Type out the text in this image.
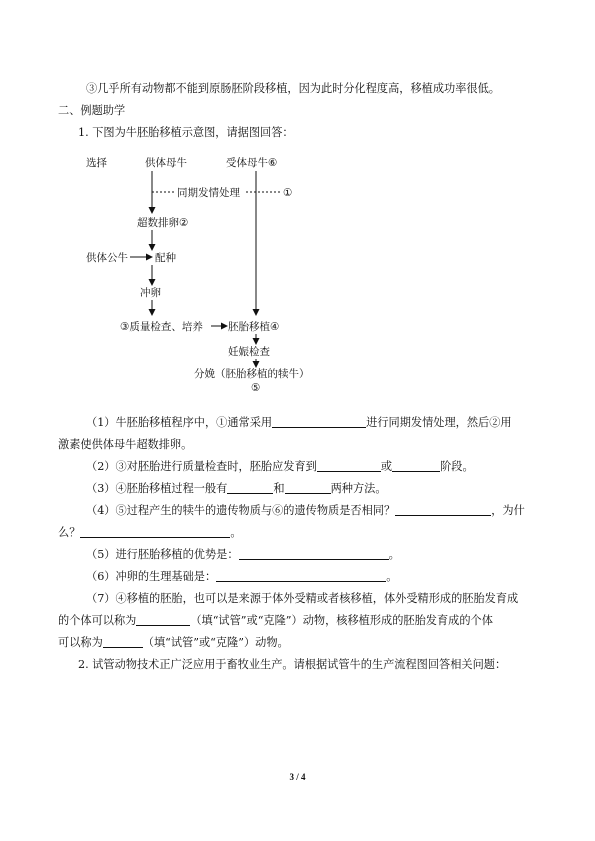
③几乎所有动物都不能到原肠胚阶段移植，因为此时分化程度高，移植成功率很低。
二、例题助学
1. 下图为牛胚胎移植示意图，请据图回答：
选择	供体母牛	受体母牛⑥
同期发情处理	①
超数排卵②
供体公牛	配种
冲卵
③质量检查、培养 胚胎移植④
妊娠检查
分娩（胚胎移植的犊牛）
⑤
（1）牛胚胎移植程序中，①通常采用	进行同期发情处理，然后②用
激素使供体母牛超数排卵。
（2）③对胚胎进行质量检查时，胚胎应发育到	或	阶段。
（3）④胚胎移植过程一般有	和	两种方法。
（4）⑤过程产生的犊牛的遗传物质与⑥的遗传物质是否相同？	，为什
么？	。
（5）进行胚胎移植的优势是：	。
（6）冲卵的生理基础是：	。
（7）④移植的胚胎，也可以是来源于体外受精或者核移植，体外受精形成的胚胎发育成
的个体可以称为	（填“试管”或“克隆”）动物，核移植形成的胚胎发育成的个体
可以称为	（填“试管”或“克隆”）动物。
2. 试管动物技术正广泛应用于畜牧业生产。请根据试管牛的生产流程图回答相关问题：
3 / 4
